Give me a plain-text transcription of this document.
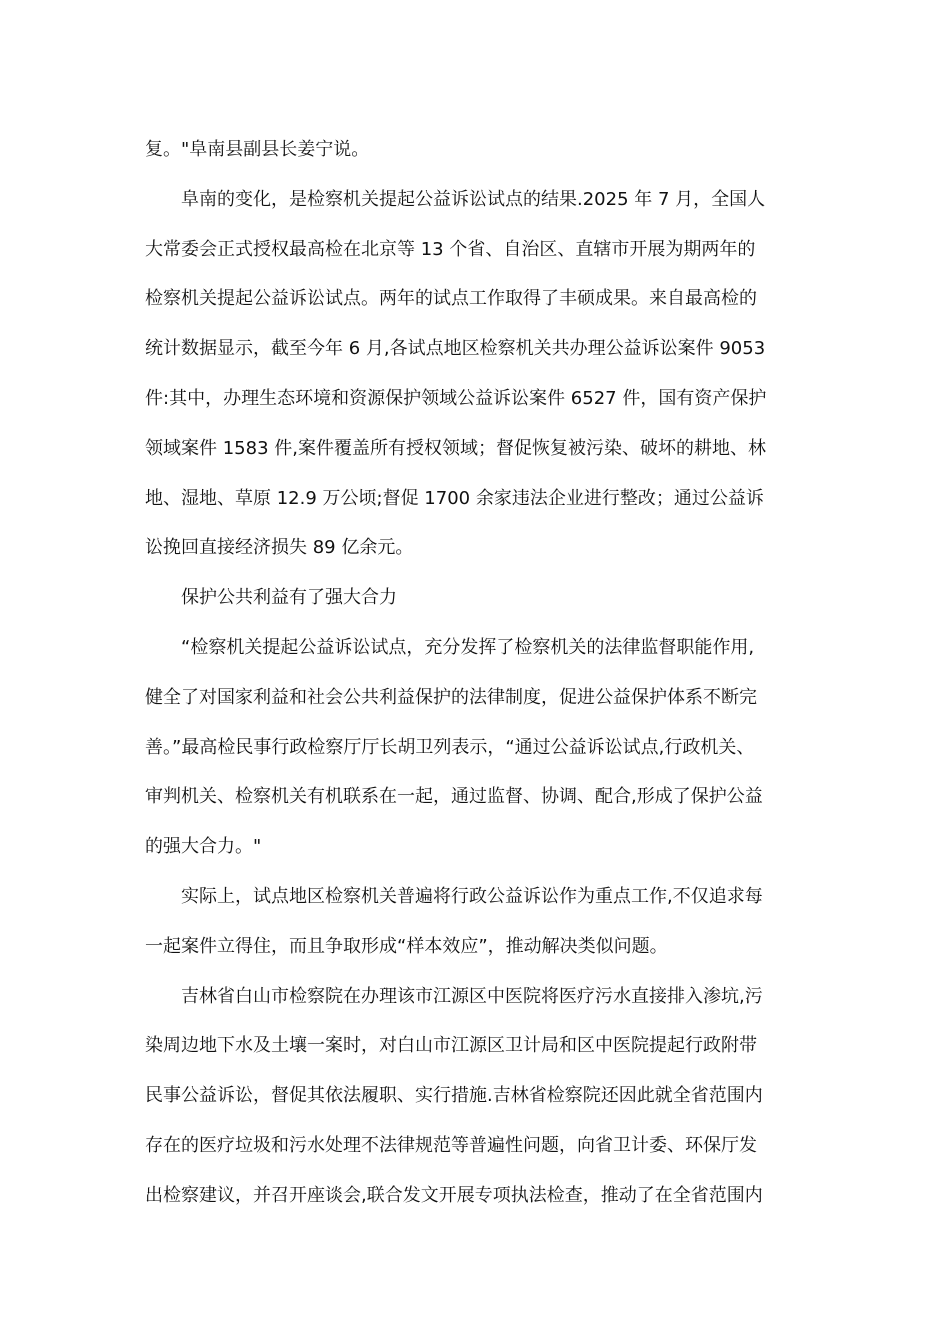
复。"阜南县副县长姜宁说。
阜南的变化，是检察机关提起公益诉讼试点的结果.2025 年 7 月，全国人
大常委会正式授权最高检在北京等 13 个省、自治区、直辖市开展为期两年的
检察机关提起公益诉讼试点。两年的试点工作取得了丰硕成果。来自最高检的
统计数据显示，截至今年 6 月,各试点地区检察机关共办理公益诉讼案件 9053
件:其中，办理生态环境和资源保护领域公益诉讼案件 6527 件，国有资产保护
领域案件 1583 件,案件覆盖所有授权领域；督促恢复被污染、破坏的耕地、林
地、湿地、草原 12.9 万公顷;督促 1700 余家违法企业进行整改；通过公益诉
讼挽回直接经济损失 89 亿余元。
保护公共利益有了强大合力
“检察机关提起公益诉讼试点，充分发挥了检察机关的法律监督职能作用,
健全了对国家利益和社会公共利益保护的法律制度，促进公益保护体系不断完
善。”最高检民事行政检察厅厅长胡卫列表示，“通过公益诉讼试点,行政机关、
审判机关、检察机关有机联系在一起，通过监督、协调、配合,形成了保护公益
的强大合力。"
实际上，试点地区检察机关普遍将行政公益诉讼作为重点工作,不仅追求每
一起案件立得住，而且争取形成“样本效应”，推动解决类似问题。
吉林省白山市检察院在办理该市江源区中医院将医疗污水直接排入渗坑,污
染周边地下水及土壤一案时，对白山市江源区卫计局和区中医院提起行政附带
民事公益诉讼，督促其依法履职、实行措施.吉林省检察院还因此就全省范围内
存在的医疗垃圾和污水处理不法律规范等普遍性问题，向省卫计委、环保厅发
出检察建议，并召开座谈会,联合发文开展专项执法检查，推动了在全省范围内
